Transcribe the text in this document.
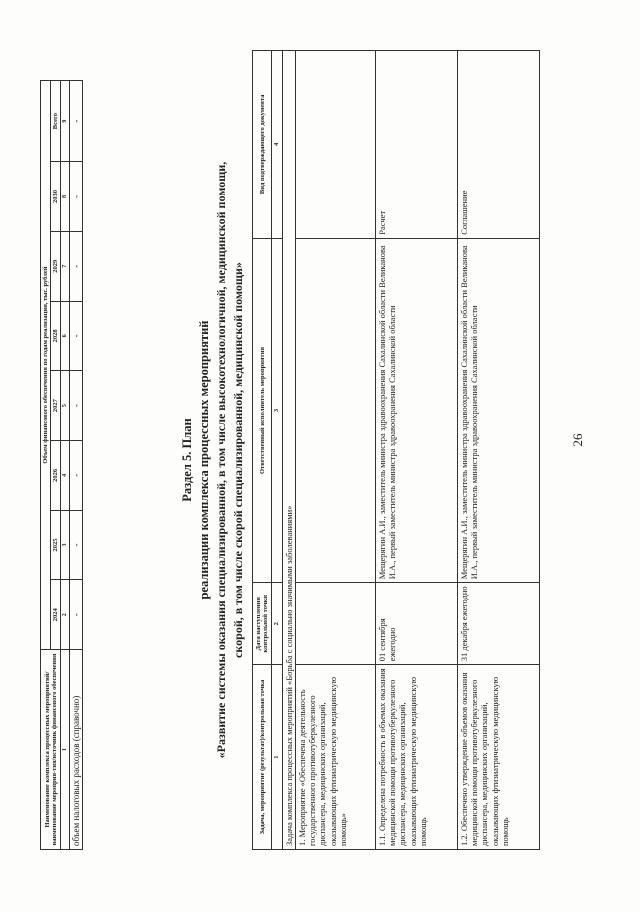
Наименование комплекса процессных мероприятий/наименование мероприя-тия/источник финансового обеспечения	Объем финансового обеспечения по годам реализации, тыс. рублей							
	2024	2025	2026	2027	2028	2029	2030	Всего
1	2	3	4	5	6	7	8	9
объем налоговых расходов (справочно)	-	-	-	-	-	-	-	-
Раздел 5. План реализации комплекса процессных мероприятий «Развитие системы оказания специализированной, в том числе высокотехнологичной, медицинской помощи, скорой, в том числе скорой специализированной, медицинской помощи»
Задача, мероприятие (результат)/контрольная точка	Дата наступления контрольной точки	Ответственный исполнитель мероприятия	Вид подтверждающего документа
1	2	3	4
Задача комплекса процессных мероприятий «Борьба с социально значимыми заболеваниями»			
1. Мероприятие «Обеспечена деятельность государственного противотуберкулезного диспансера, медицинских организаций, оказывающих фтизиатрическую медицинскую помощь»			
1.1. Определена потребность в объемах оказания медицинской помощи противотуберкулезного диспансера, медицинских организаций, оказывающих фтизиатрическую медицинскую помощь	01 сентября ежегодно	Мещерягин А.И., заместитель министра здравоохранения Сахалинской области Великанова И.А., первый заместитель министра здравоохранения Сахалинской области	Расчет
1.2. Обеспечено утверждение объемов оказания медицинской помощи противотуберкулезного диспансера, медицинских организаций, оказывающих фтизиатрическую медицинскую помощь	31 декабря ежегодно	Мещерягин А.И., заместитель министра здравоохранения Сахалинской области Великанова И.А., первый заместитель министра здравоохранения Сахалинской области	Соглашение
26
